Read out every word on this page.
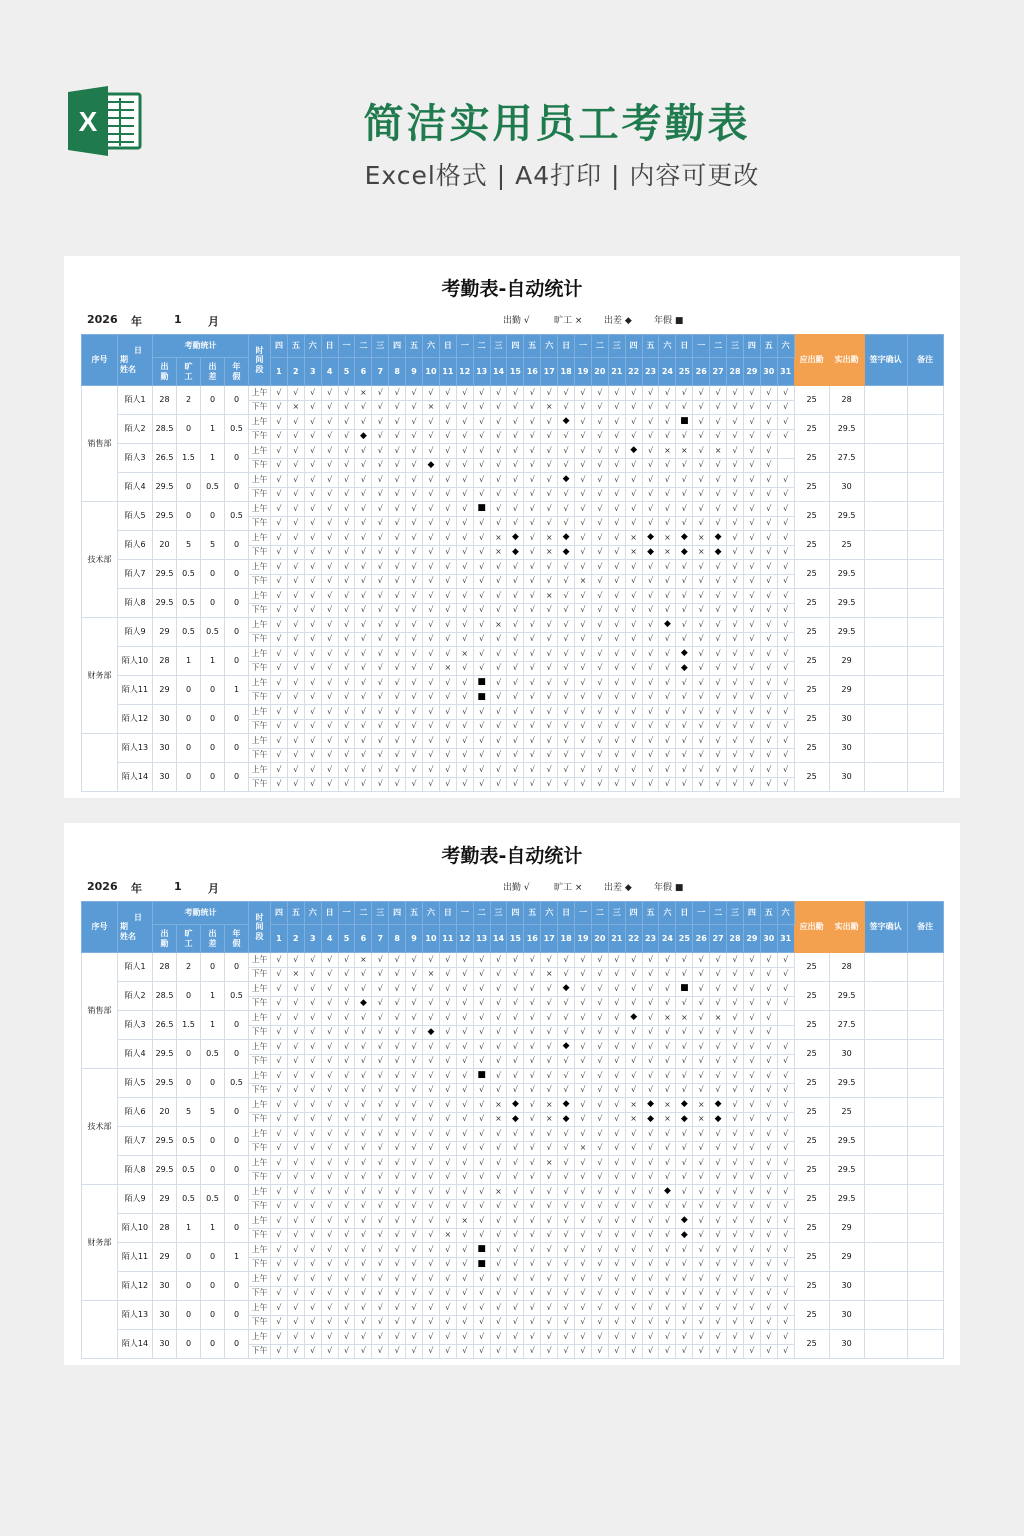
X	简洁实用员工考勤表
Excel格式 | A4打印 | 内容可更改
考勤表-自动统计
2026 年	1 月	出勤 √	旷工 × 出差 ◆ 年假 ■
序号	日
期
姓名	考勤统计				时间段	四	五	六	日	一	二	三	四	五	六	日	一	二	三	四	五	六	日	一	二	三	四	五	六	日	一	二	三	四	五	六	应出勤	实出勤	签字确认	备注
		出勤	旷工	出差	年假		1	2	3	4	5	6	7	8	9	10	11	12	13	14	15	16	17	18	19	20	21	22	23	24	25	26	27	28	29	30	31				
销售部	陌人1	28	2	0	0	上午	√	√	√	√	√	×	√	√	√	√	√	√	√	√	√	√	√	√	√	√	√	√	√	√	√	√	√	√	√	√	√	25	28		
						下午	√	×	√	√	√	√	√	√	√	×	√	√	√	√	√	√	×	√	√	√	√	√	√	√	√	√	√	√	√	√	√				
	陌人2	28.5	0	1	0.5	上午	√	√	√	√	√	√	√	√	√	√	√	√	√	√	√	√	√	◆	√	√	√	√	√	√	■	√	√	√	√	√	√	25	29.5		
						下午	√	√	√	√	√	◆	√	√	√	√	√	√	√	√	√	√	√	√	√	√	√	√	√	√	√	√	√	√	√	√	√				
	陌人3	26.5	1.5	1	0	上午	√	√	√	√	√	√	√	√	√	√	√	√	√	√	√	√	√	√	√	√	√	◆	√	×	×	√	×	√	√	√		25	27.5		
						下午	√	√	√	√	√	√	√	√	√	◆	√	√	√	√	√	√	√	√	√	√	√	√	√	√	√	√	√	√	√	√					
	陌人4	29.5	0	0.5	0	上午	√	√	√	√	√	√	√	√	√	√	√	√	√	√	√	√	√	◆	√	√	√	√	√	√	√	√	√	√	√	√	√	25	30		
						下午	√	√	√	√	√	√	√	√	√	√	√	√	√	√	√	√	√	√	√	√	√	√	√	√	√	√	√	√	√	√	√				
技术部	陌人5	29.5	0	0	0.5	上午	√	√	√	√	√	√	√	√	√	√	√	√	■	√	√	√	√	√	√	√	√	√	√	√	√	√	√	√	√	√	√	25	29.5		
						下午	√	√	√	√	√	√	√	√	√	√	√	√	√	√	√	√	√	√	√	√	√	√	√	√	√	√	√	√	√	√	√				
	陌人6	20	5	5	0	上午	√	√	√	√	√	√	√	√	√	√	√	√	√	×	◆	√	×	◆	√	√	√	×	◆	×	◆	×	◆	√	√	√	√	25	25		
						下午	√	√	√	√	√	√	√	√	√	√	√	√	√	×	◆	√	×	◆	√	√	√	×	◆	×	◆	×	◆	√	√	√	√				
	陌人7	29.5	0.5	0	0	上午	√	√	√	√	√	√	√	√	√	√	√	√	√	√	√	√	√	√	√	√	√	√	√	√	√	√	√	√	√	√	√	25	29.5		
						下午	√	√	√	√	√	√	√	√	√	√	√	√	√	√	√	√	√	√	×	√	√	√	√	√	√	√	√	√	√	√	√				
	陌人8	29.5	0.5	0	0	上午	√	√	√	√	√	√	√	√	√	√	√	√	√	√	√	√	×	√	√	√	√	√	√	√	√	√	√	√	√	√	√	25	29.5		
						下午	√	√	√	√	√	√	√	√	√	√	√	√	√	√	√	√	√	√	√	√	√	√	√	√	√	√	√	√	√	√	√				
财务部	陌人9	29	0.5	0.5	0	上午	√	√	√	√	√	√	√	√	√	√	√	√	√	×	√	√	√	√	√	√	√	√	√	◆	√	√	√	√	√	√	√	25	29.5		
						下午	√	√	√	√	√	√	√	√	√	√	√	√	√	√	√	√	√	√	√	√	√	√	√	√	√	√	√	√	√	√	√				
	陌人10	28	1	1	0	上午	√	√	√	√	√	√	√	√	√	√	√	×	√	√	√	√	√	√	√	√	√	√	√	√	◆	√	√	√	√	√	√	25	29		
						下午	√	√	√	√	√	√	√	√	√	√	×	√	√	√	√	√	√	√	√	√	√	√	√	√	◆	√	√	√	√	√	√				
	陌人11	29	0	0	1	上午	√	√	√	√	√	√	√	√	√	√	√	√	■	√	√	√	√	√	√	√	√	√	√	√	√	√	√	√	√	√	√	25	29		
						下午	√	√	√	√	√	√	√	√	√	√	√	√	■	√	√	√	√	√	√	√	√	√	√	√	√	√	√	√	√	√	√				
	陌人12	30	0	0	0	上午	√	√	√	√	√	√	√	√	√	√	√	√	√	√	√	√	√	√	√	√	√	√	√	√	√	√	√	√	√	√	√	25	30		
						下午	√	√	√	√	√	√	√	√	√	√	√	√	√	√	√	√	√	√	√	√	√	√	√	√	√	√	√	√	√	√	√				
	陌人13	30	0	0	0	上午	√	√	√	√	√	√	√	√	√	√	√	√	√	√	√	√	√	√	√	√	√	√	√	√	√	√	√	√	√	√	√	25	30		
						下午	√	√	√	√	√	√	√	√	√	√	√	√	√	√	√	√	√	√	√	√	√	√	√	√	√	√	√	√	√	√	√				
	陌人14	30	0	0	0	上午	√	√	√	√	√	√	√	√	√	√	√	√	√	√	√	√	√	√	√	√	√	√	√	√	√	√	√	√	√	√	√	25	30		
						下午	√	√	√	√	√	√	√	√	√	√	√	√	√	√	√	√	√	√	√	√	√	√	√	√	√	√	√	√	√	√	√				
考勤表-自动统计
2026 年	1 月	出勤 √	旷工 × 出差 ◆ 年假 ■
序号	日
期
姓名	考勤统计				时间段	四	五	六	日	一	二	三	四	五	六	日	一	二	三	四	五	六	日	一	二	三	四	五	六	日	一	二	三	四	五	六	应出勤	实出勤	签字确认	备注
		出勤	旷工	出差	年假		1	2	3	4	5	6	7	8	9	10	11	12	13	14	15	16	17	18	19	20	21	22	23	24	25	26	27	28	29	30	31				
销售部	陌人1	28	2	0	0	上午	√	√	√	√	√	×	√	√	√	√	√	√	√	√	√	√	√	√	√	√	√	√	√	√	√	√	√	√	√	√	√	25	28		
						下午	√	×	√	√	√	√	√	√	√	×	√	√	√	√	√	√	×	√	√	√	√	√	√	√	√	√	√	√	√	√	√				
	陌人2	28.5	0	1	0.5	上午	√	√	√	√	√	√	√	√	√	√	√	√	√	√	√	√	√	◆	√	√	√	√	√	√	■	√	√	√	√	√	√	25	29.5		
						下午	√	√	√	√	√	◆	√	√	√	√	√	√	√	√	√	√	√	√	√	√	√	√	√	√	√	√	√	√	√	√	√				
	陌人3	26.5	1.5	1	0	上午	√	√	√	√	√	√	√	√	√	√	√	√	√	√	√	√	√	√	√	√	√	◆	√	×	×	√	×	√	√	√		25	27.5		
						下午	√	√	√	√	√	√	√	√	√	◆	√	√	√	√	√	√	√	√	√	√	√	√	√	√	√	√	√	√	√	√					
	陌人4	29.5	0	0.5	0	上午	√	√	√	√	√	√	√	√	√	√	√	√	√	√	√	√	√	◆	√	√	√	√	√	√	√	√	√	√	√	√	√	25	30		
						下午	√	√	√	√	√	√	√	√	√	√	√	√	√	√	√	√	√	√	√	√	√	√	√	√	√	√	√	√	√	√	√				
技术部	陌人5	29.5	0	0	0.5	上午	√	√	√	√	√	√	√	√	√	√	√	√	■	√	√	√	√	√	√	√	√	√	√	√	√	√	√	√	√	√	√	25	29.5		
						下午	√	√	√	√	√	√	√	√	√	√	√	√	√	√	√	√	√	√	√	√	√	√	√	√	√	√	√	√	√	√	√				
	陌人6	20	5	5	0	上午	√	√	√	√	√	√	√	√	√	√	√	√	√	×	◆	√	×	◆	√	√	√	×	◆	×	◆	×	◆	√	√	√	√	25	25		
						下午	√	√	√	√	√	√	√	√	√	√	√	√	√	×	◆	√	×	◆	√	√	√	×	◆	×	◆	×	◆	√	√	√	√				
	陌人7	29.5	0.5	0	0	上午	√	√	√	√	√	√	√	√	√	√	√	√	√	√	√	√	√	√	√	√	√	√	√	√	√	√	√	√	√	√	√	25	29.5		
						下午	√	√	√	√	√	√	√	√	√	√	√	√	√	√	√	√	√	√	×	√	√	√	√	√	√	√	√	√	√	√	√				
	陌人8	29.5	0.5	0	0	上午	√	√	√	√	√	√	√	√	√	√	√	√	√	√	√	√	×	√	√	√	√	√	√	√	√	√	√	√	√	√	√	25	29.5		
						下午	√	√	√	√	√	√	√	√	√	√	√	√	√	√	√	√	√	√	√	√	√	√	√	√	√	√	√	√	√	√	√				
财务部	陌人9	29	0.5	0.5	0	上午	√	√	√	√	√	√	√	√	√	√	√	√	√	×	√	√	√	√	√	√	√	√	√	◆	√	√	√	√	√	√	√	25	29.5		
						下午	√	√	√	√	√	√	√	√	√	√	√	√	√	√	√	√	√	√	√	√	√	√	√	√	√	√	√	√	√	√	√				
	陌人10	28	1	1	0	上午	√	√	√	√	√	√	√	√	√	√	√	×	√	√	√	√	√	√	√	√	√	√	√	√	◆	√	√	√	√	√	√	25	29		
						下午	√	√	√	√	√	√	√	√	√	√	×	√	√	√	√	√	√	√	√	√	√	√	√	√	◆	√	√	√	√	√	√				
	陌人11	29	0	0	1	上午	√	√	√	√	√	√	√	√	√	√	√	√	■	√	√	√	√	√	√	√	√	√	√	√	√	√	√	√	√	√	√	25	29		
						下午	√	√	√	√	√	√	√	√	√	√	√	√	■	√	√	√	√	√	√	√	√	√	√	√	√	√	√	√	√	√	√				
	陌人12	30	0	0	0	上午	√	√	√	√	√	√	√	√	√	√	√	√	√	√	√	√	√	√	√	√	√	√	√	√	√	√	√	√	√	√	√	25	30		
						下午	√	√	√	√	√	√	√	√	√	√	√	√	√	√	√	√	√	√	√	√	√	√	√	√	√	√	√	√	√	√	√				
	陌人13	30	0	0	0	上午	√	√	√	√	√	√	√	√	√	√	√	√	√	√	√	√	√	√	√	√	√	√	√	√	√	√	√	√	√	√	√	25	30		
						下午	√	√	√	√	√	√	√	√	√	√	√	√	√	√	√	√	√	√	√	√	√	√	√	√	√	√	√	√	√	√	√				
	陌人14	30	0	0	0	上午	√	√	√	√	√	√	√	√	√	√	√	√	√	√	√	√	√	√	√	√	√	√	√	√	√	√	√	√	√	√	√	25	30		
						下午	√	√	√	√	√	√	√	√	√	√	√	√	√	√	√	√	√	√	√	√	√	√	√	√	√	√	√	√	√	√	√				
